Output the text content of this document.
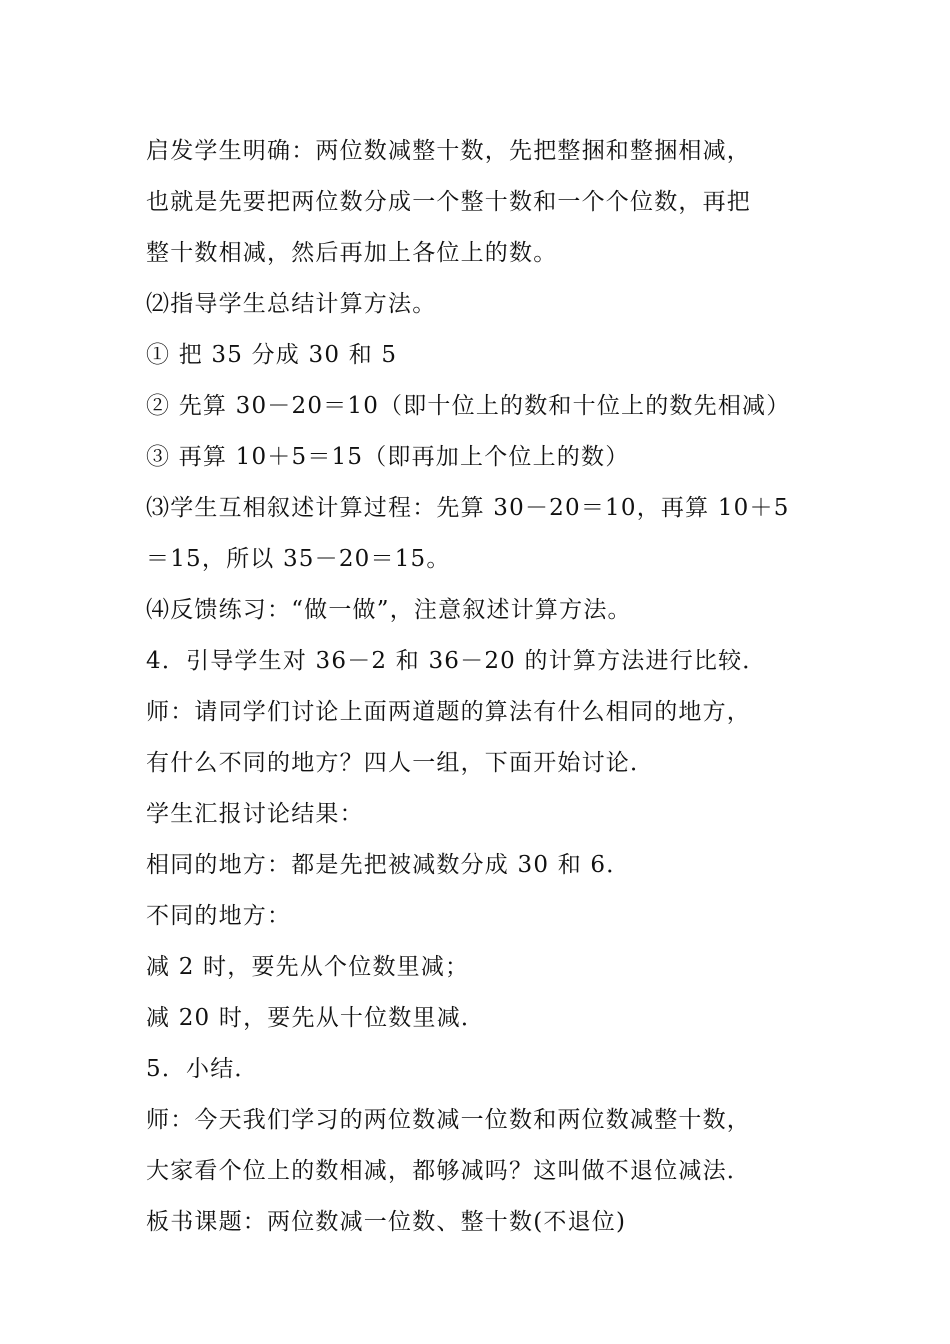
启发学生明确：两位数减整十数，先把整捆和整捆相减，

也就是先要把两位数分成一个整十数和一个个位数，再把

整十数相减，然后再加上各位上的数。

⑵指导学生总结计算方法。

① 把 35 分成 30 和 5

② 先算 30－20＝10（即十位上的数和十位上的数先相减）

③ 再算 10＋5＝15（即再加上个位上的数）

⑶学生互相叙述计算过程：先算 30－20＝10，再算 10＋5

＝15，所以 35－20＝15。

⑷反馈练习：“做一做”，注意叙述计算方法。

4．引导学生对 36－2 和 36－20 的计算方法进行比较．

师：请同学们讨论上面两道题的算法有什么相同的地方，

有什么不同的地方？四人一组，下面开始讨论．

学生汇报讨论结果：

相同的地方：都是先把被减数分成 30 和 6．

不同的地方：

减 2 时，要先从个位数里减；

减 20 时，要先从十位数里减．

5．小结．

师：今天我们学习的两位数减一位数和两位数减整十数，

大家看个位上的数相减，都够减吗？这叫做不退位减法．

板书课题：两位数减一位数、整十数(不退位)
